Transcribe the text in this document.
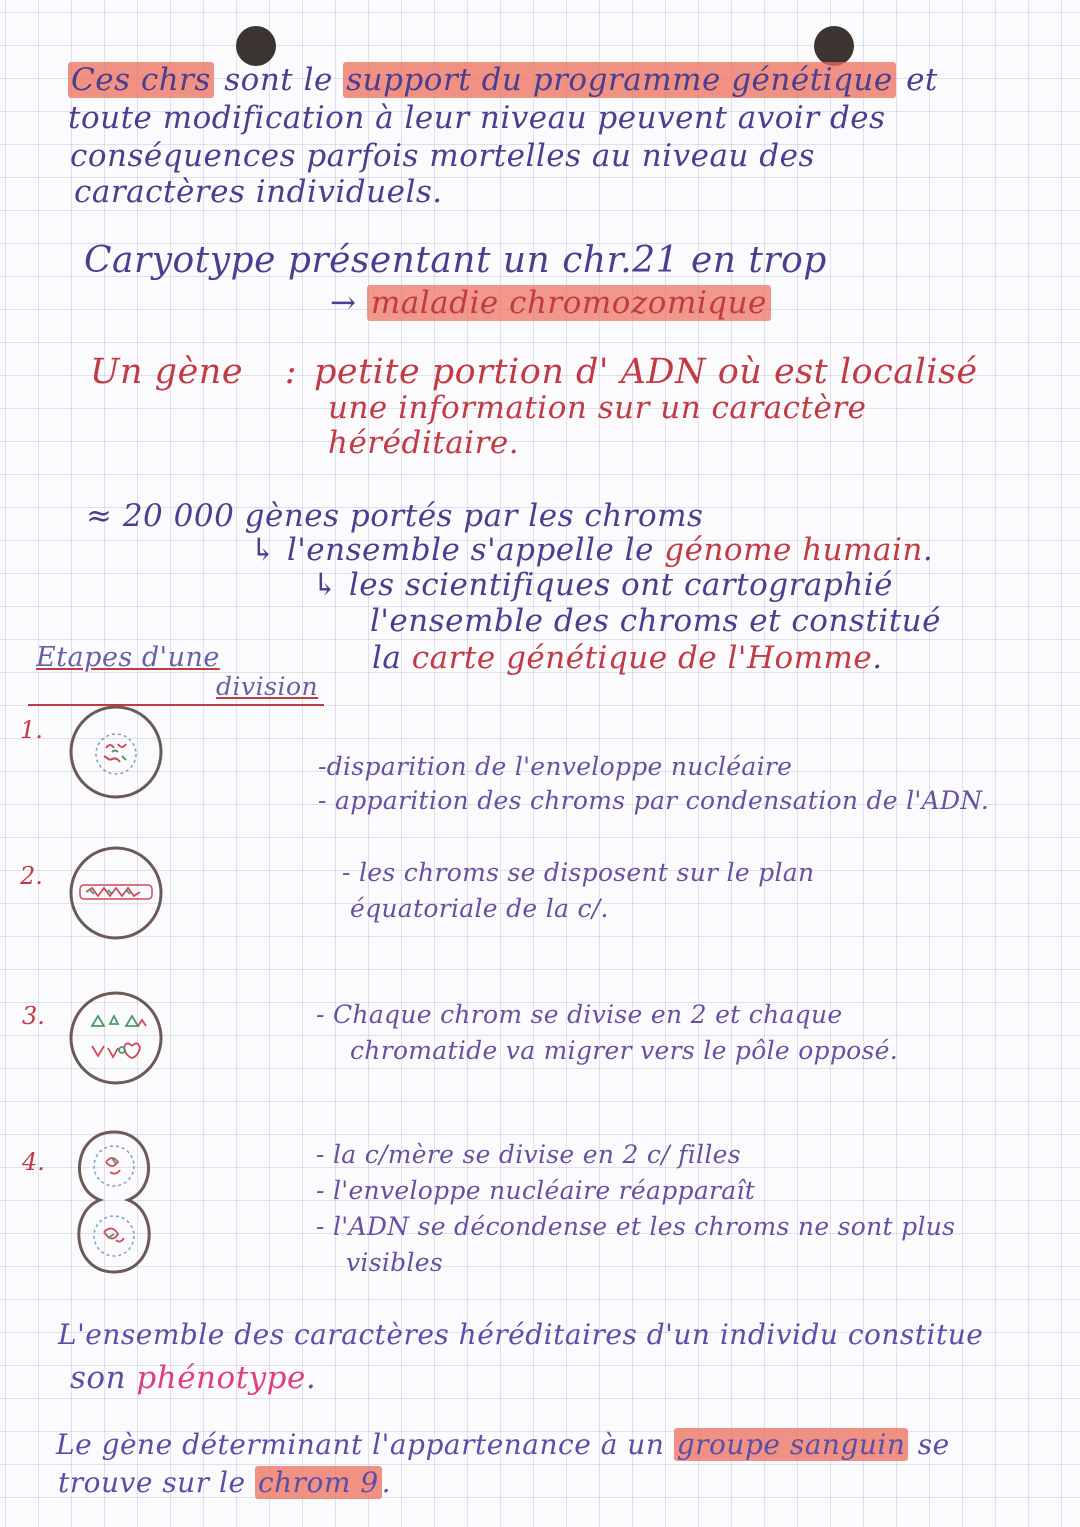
Ces chrs sont le support du programme génétique et
toute modification à leur niveau peuvent avoir des
conséquences parfois mortelles au niveau des
caractères individuels.
Caryotype présentant un chr.21 en trop
→ maladie chromozomique
Un gène : petite portion d' ADN où est localisé
une information sur un caractère
héréditaire.
≈ 20 000 gènes portés par les chroms
↳ l'ensemble s'appelle le génome humain.
↳ les scientifiques ont cartographié
l'ensemble des chroms et constitué
la carte génétique de l'Homme.
Etapes d'une
division
1.
-disparition de l'enveloppe nucléaire
- apparition des chroms par condensation de l'ADN.
2.	- les chroms se disposent sur le plan
équatoriale de la c/.
3.	- Chaque chrom se divise en 2 et chaque
chromatide va migrer vers le pôle opposé.
4.	- la c/mère se divise en 2 c/ filles
- l'enveloppe nucléaire réapparaît
- l'ADN se décondense et les chroms ne sont plus
visibles
L'ensemble des caractères héréditaires d'un individu constitue
son phénotype.
Le gène déterminant l'appartenance à un groupe sanguin se
trouve sur le chrom 9 .
